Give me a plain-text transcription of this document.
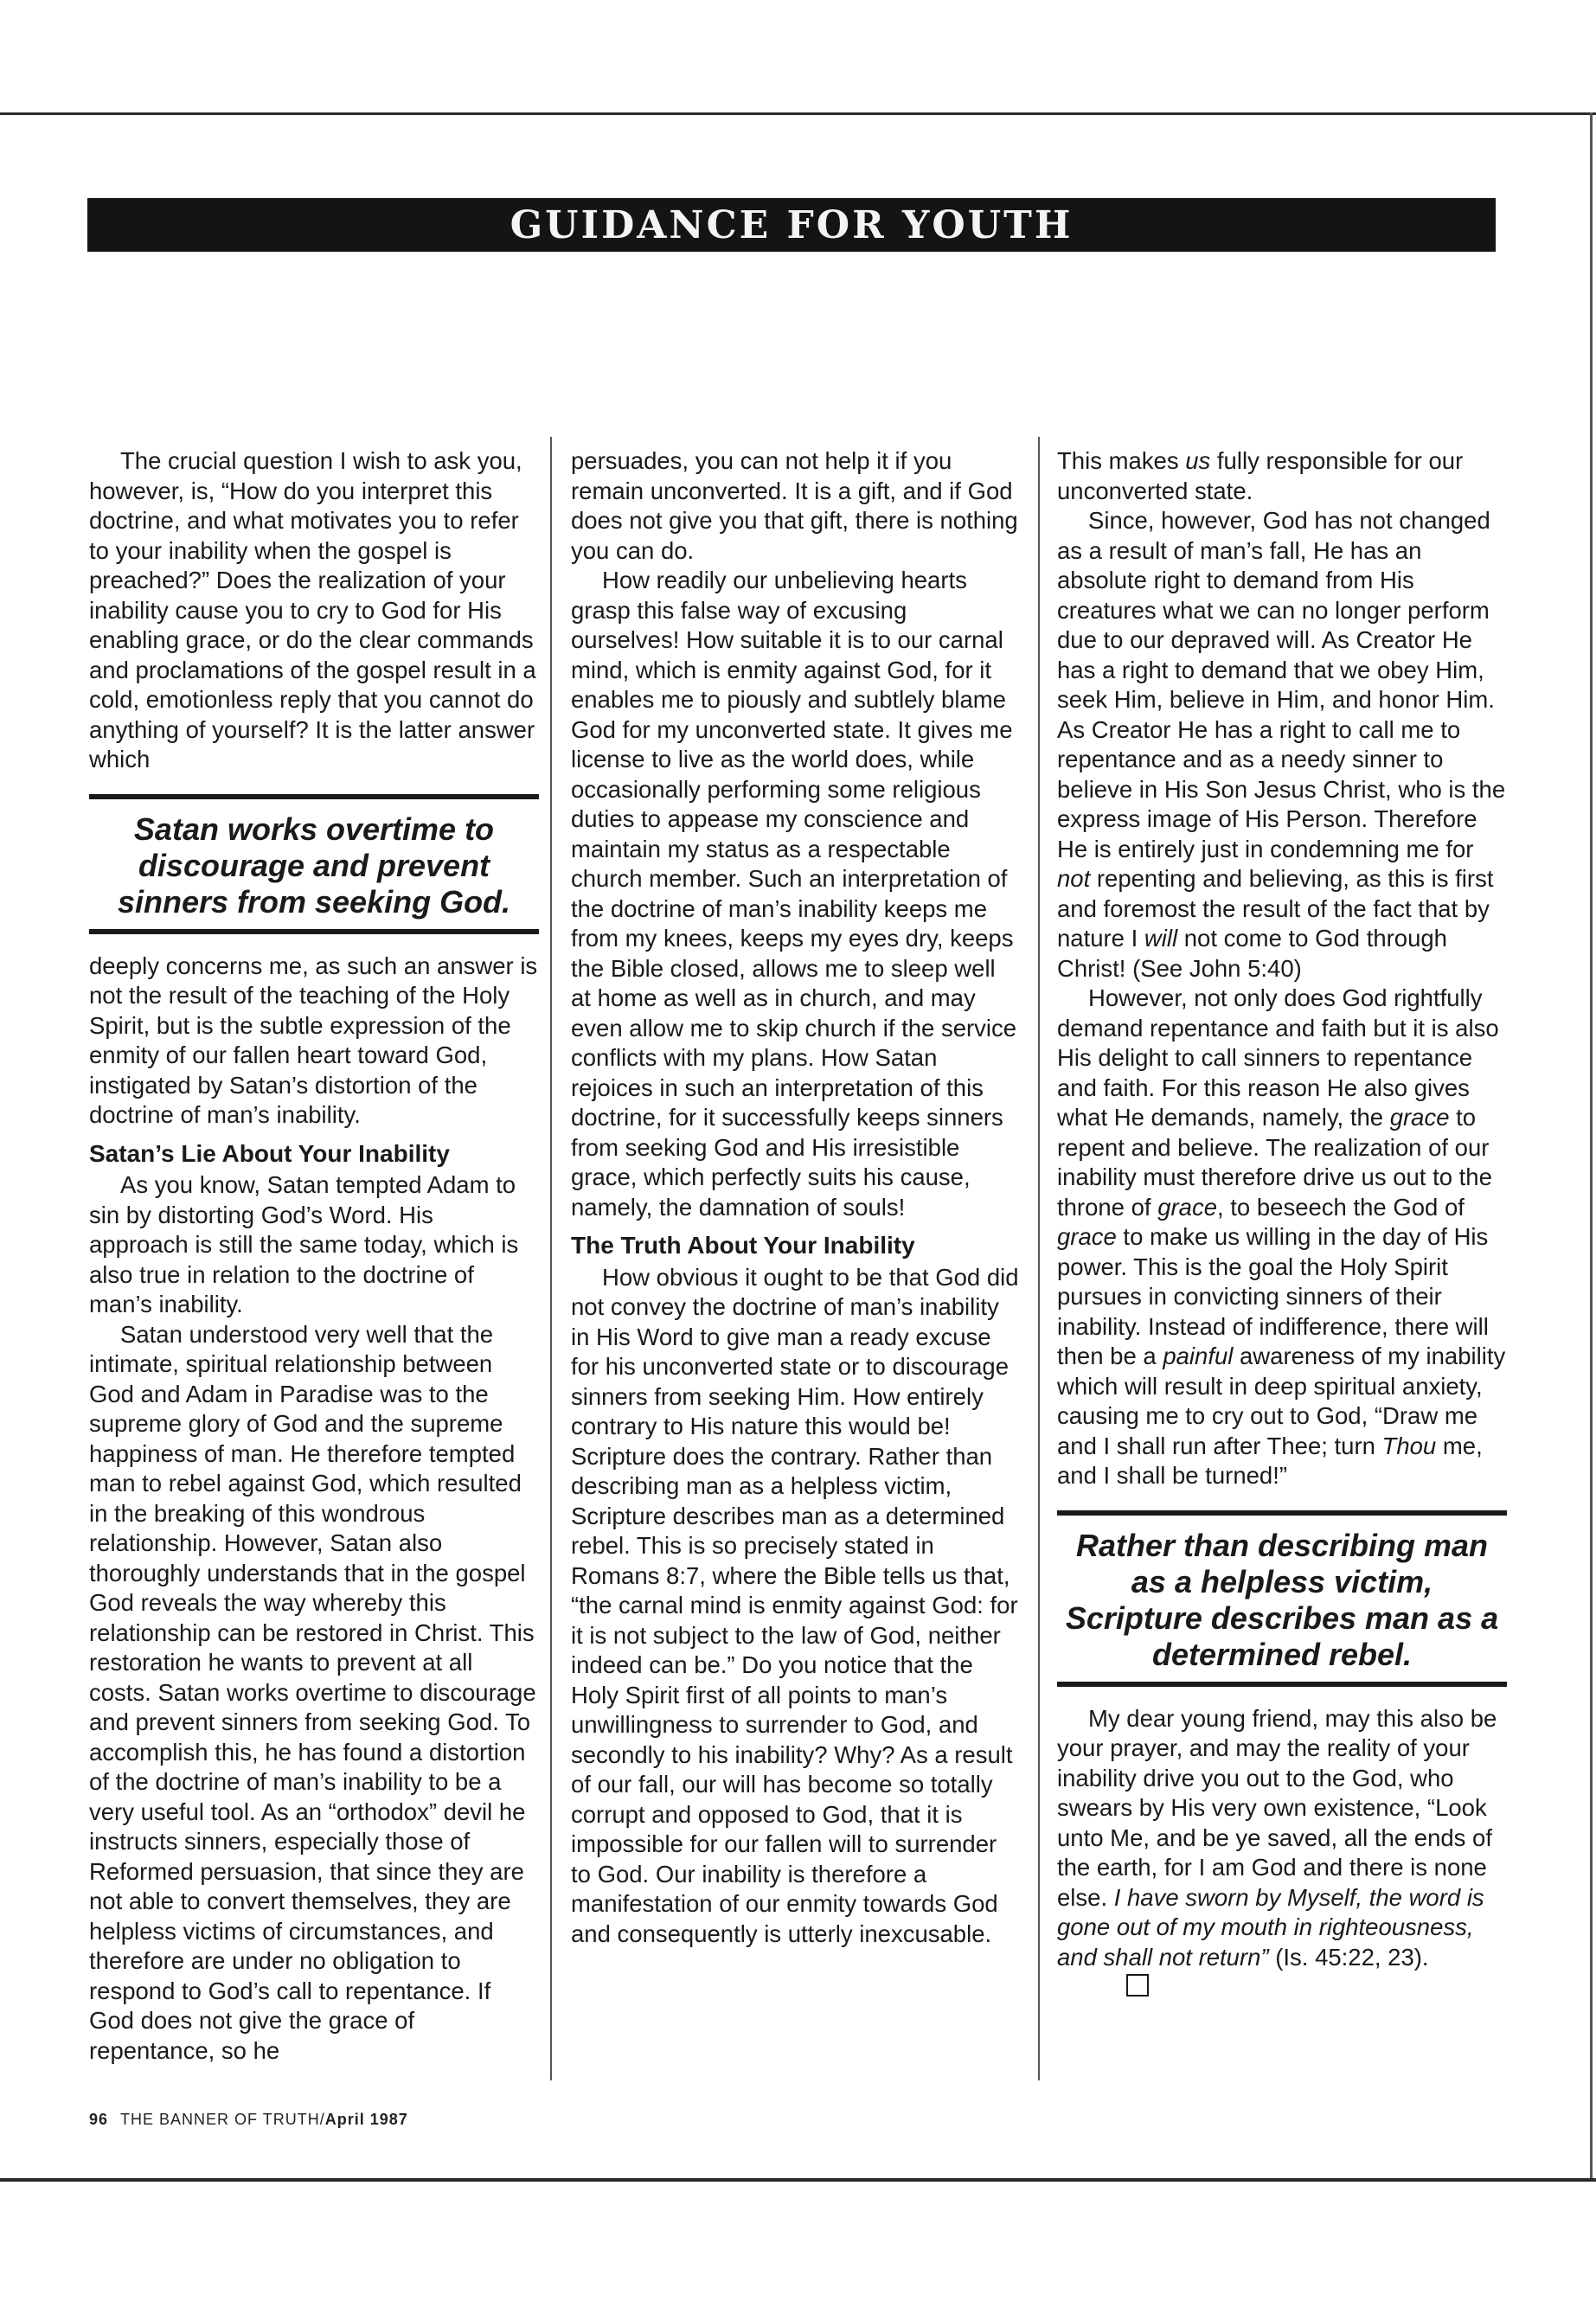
GUIDANCE FOR YOUTH

The crucial question I wish to ask you, however, is, “How do you interpret this doctrine, and what motivates you to refer to your inability when the gospel is preached?” Does the realization of your inability cause you to cry to God for His enabling grace, or do the clear commands and proclamations of the gospel result in a cold, emotionless reply that you cannot do anything of yourself? It is the latter answer which

Satan works overtime to discourage and prevent sinners from seeking God.

deeply concerns me, as such an answer is not the result of the teaching of the Holy Spirit, but is the subtle expression of the enmity of our fallen heart toward God, instigated by Satan’s distortion of the doctrine of man’s inability.

Satan’s Lie About Your Inability

As you know, Satan tempted Adam to sin by distorting God’s Word. His approach is still the same today, which is also true in relation to the doctrine of man’s inability.

Satan understood very well that the intimate, spiritual relationship between God and Adam in Paradise was to the supreme glory of God and the supreme happiness of man. He therefore tempted man to rebel against God, which resulted in the breaking of this wondrous relationship. However, Satan also thoroughly understands that in the gospel God reveals the way whereby this relationship can be restored in Christ. This restoration he wants to prevent at all costs. Satan works overtime to discourage and prevent sinners from seeking God. To accomplish this, he has found a distortion of the doctrine of man’s inability to be a very useful tool. As an “orthodox” devil he instructs sinners, especially those of Reformed persuasion, that since they are not able to convert themselves, they are helpless victims of circumstances, and therefore are under no obligation to respond to God’s call to repentance. If God does not give the grace of repentance, so he

persuades, you can not help it if you remain unconverted. It is a gift, and if God does not give you that gift, there is nothing you can do.

How readily our unbelieving hearts grasp this false way of excusing ourselves! How suitable it is to our carnal mind, which is enmity against God, for it enables me to piously and subtlely blame God for my unconverted state. It gives me license to live as the world does, while occasionally performing some religious duties to appease my conscience and maintain my status as a respectable church member. Such an interpretation of the doctrine of man’s inability keeps me from my knees, keeps my eyes dry, keeps the Bible closed, allows me to sleep well at home as well as in church, and may even allow me to skip church if the service conflicts with my plans. How Satan rejoices in such an interpretation of this doctrine, for it successfully keeps sinners from seeking God and His irresistible grace, which perfectly suits his cause, namely, the damnation of souls!

The Truth About Your Inability

How obvious it ought to be that God did not convey the doctrine of man’s inability in His Word to give man a ready excuse for his unconverted state or to discourage sinners from seeking Him. How entirely contrary to His nature this would be! Scripture does the contrary. Rather than describing man as a helpless victim, Scripture describes man as a determined rebel. This is so precisely stated in Romans 8:7, where the Bible tells us that, “the carnal mind is enmity against God: for it is not subject to the law of God, neither indeed can be.” Do you notice that the Holy Spirit first of all points to man’s unwillingness to surrender to God, and secondly to his inability? Why? As a result of our fall, our will has become so totally corrupt and opposed to God, that it is impossible for our fallen will to surrender to God. Our inability is therefore a manifestation of our enmity towards God and consequently is utterly inexcusable.

This makes us fully responsible for our unconverted state.

Since, however, God has not changed as a result of man’s fall, He has an absolute right to demand from His creatures what we can no longer perform due to our depraved will. As Creator He has a right to demand that we obey Him, seek Him, believe in Him, and honor Him. As Creator He has a right to call me to repentance and as a needy sinner to believe in His Son Jesus Christ, who is the express image of His Person. Therefore He is entirely just in condemning me for not repenting and believing, as this is first and foremost the result of the fact that by nature I will not come to God through Christ! (See John 5:40)

However, not only does God rightfully demand repentance and faith but it is also His delight to call sinners to repentance and faith. For this reason He also gives what He demands, namely, the grace to repent and believe. The realization of our inability must therefore drive us out to the throne of grace, to beseech the God of grace to make us willing in the day of His power. This is the goal the Holy Spirit pursues in convicting sinners of their inability. Instead of indifference, there will then be a painful awareness of my inability which will result in deep spiritual anxiety, causing me to cry out to God, “Draw me and I shall run after Thee; turn Thou me, and I shall be turned!”

Rather than describing man as a helpless victim, Scripture describes man as a determined rebel.

My dear young friend, may this also be your prayer, and may the reality of your inability drive you out to the God, who swears by His very own existence, “Look unto Me, and be ye saved, all the ends of the earth, for I am God and there is none else. I have sworn by Myself, the word is gone out of my mouth in righteousness, and shall not return” (Is. 45:22, 23).

96 THE BANNER OF TRUTH/April 1987
